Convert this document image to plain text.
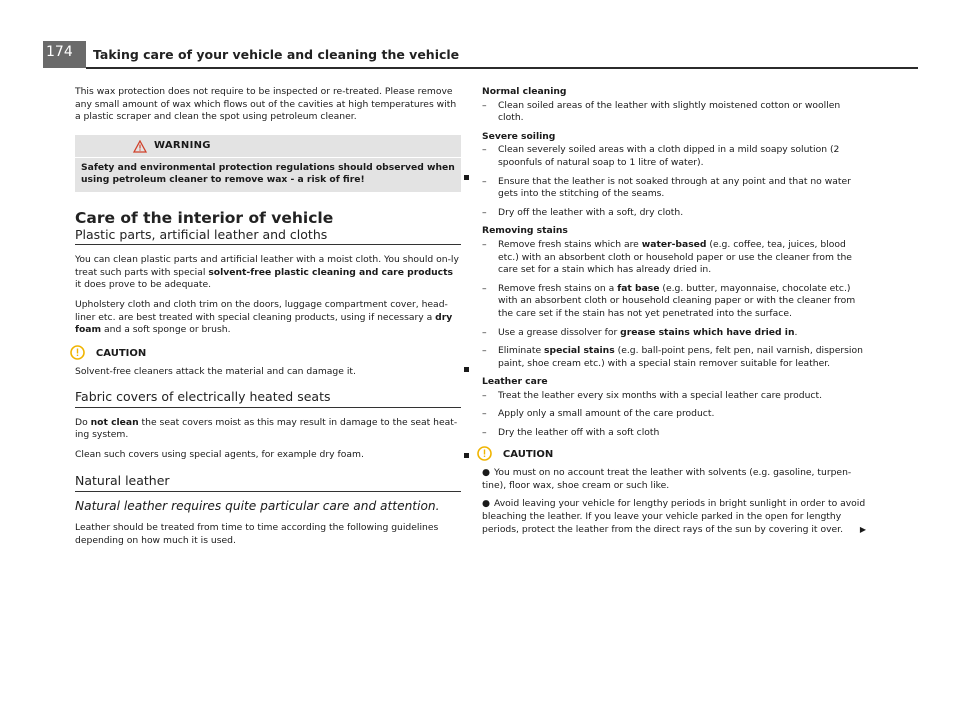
174 Taking care of your vehicle and cleaning the vehicle

This wax protection does not require to be inspected or re-treated. Please remove any small amount of wax which flows out of the cavities at high temperatures with a plastic scraper and clean the spot using petroleum cleaner.

WARNING
Safety and environmental protection regulations should observed when using petroleum cleaner to remove wax - a risk of fire!
Care of the interior of vehicle
Plastic parts, artificial leather and cloths

You can clean plastic parts and artificial leather with a moist cloth. You should on-ly treat such parts with special solvent-free plastic cleaning and care products it does prove to be adequate.

Upholstery cloth and cloth trim on the doors, luggage compartment cover, head-liner etc. are best treated with special cleaning products, using if necessary a dry foam and a soft sponge or brush.

CAUTION

Solvent-free cleaners attack the material and can damage it.

Fabric covers of electrically heated seats

Do not clean the seat covers moist as this may result in damage to the seat heat-ing system.

Clean such covers using special agents, for example dry foam.

Natural leather

Natural leather requires quite particular care and attention.

Leather should be treated from time to time according the following guidelines depending on how much it is used.

Normal cleaning
– Clean soiled areas of the leather with slightly moistened cotton or woollen cloth.
Severe soiling
– Clean severely soiled areas with a cloth dipped in a mild soapy solution (2 spoonfuls of natural soap to 1 litre of water).
– Ensure that the leather is not soaked through at any point and that no water gets into the stitching of the seams.
– Dry off the leather with a soft, dry cloth.
Removing stains
– Remove fresh stains which are water-based (e.g. coffee, tea, juices, blood etc.) with an absorbent cloth or household paper or use the cleaner from the care set for a stain which has already dried in.
– Remove fresh stains on a fat base (e.g. butter, mayonnaise, chocolate etc.) with an absorbent cloth or household cleaning paper or with the cleaner from the care set if the stain has not yet penetrated into the surface.
– Use a grease dissolver for grease stains which have dried in.
– Eliminate special stains (e.g. ball-point pens, felt pen, nail varnish, dispersion paint, shoe cream etc.) with a special stain remover suitable for leather.
Leather care
– Treat the leather every six months with a special leather care product.
– Apply only a small amount of the care product.
– Dry the leather off with a soft cloth
CAUTION
● You must on no account treat the leather with solvents (e.g. gasoline, turpen-tine), floor wax, shoe cream or such like.
● Avoid leaving your vehicle for lengthy periods in bright sunlight in order to avoid bleaching the leather. If you leave your vehicle parked in the open for lengthy periods, protect the leather from the direct rays of the sun by covering it over.	▶
